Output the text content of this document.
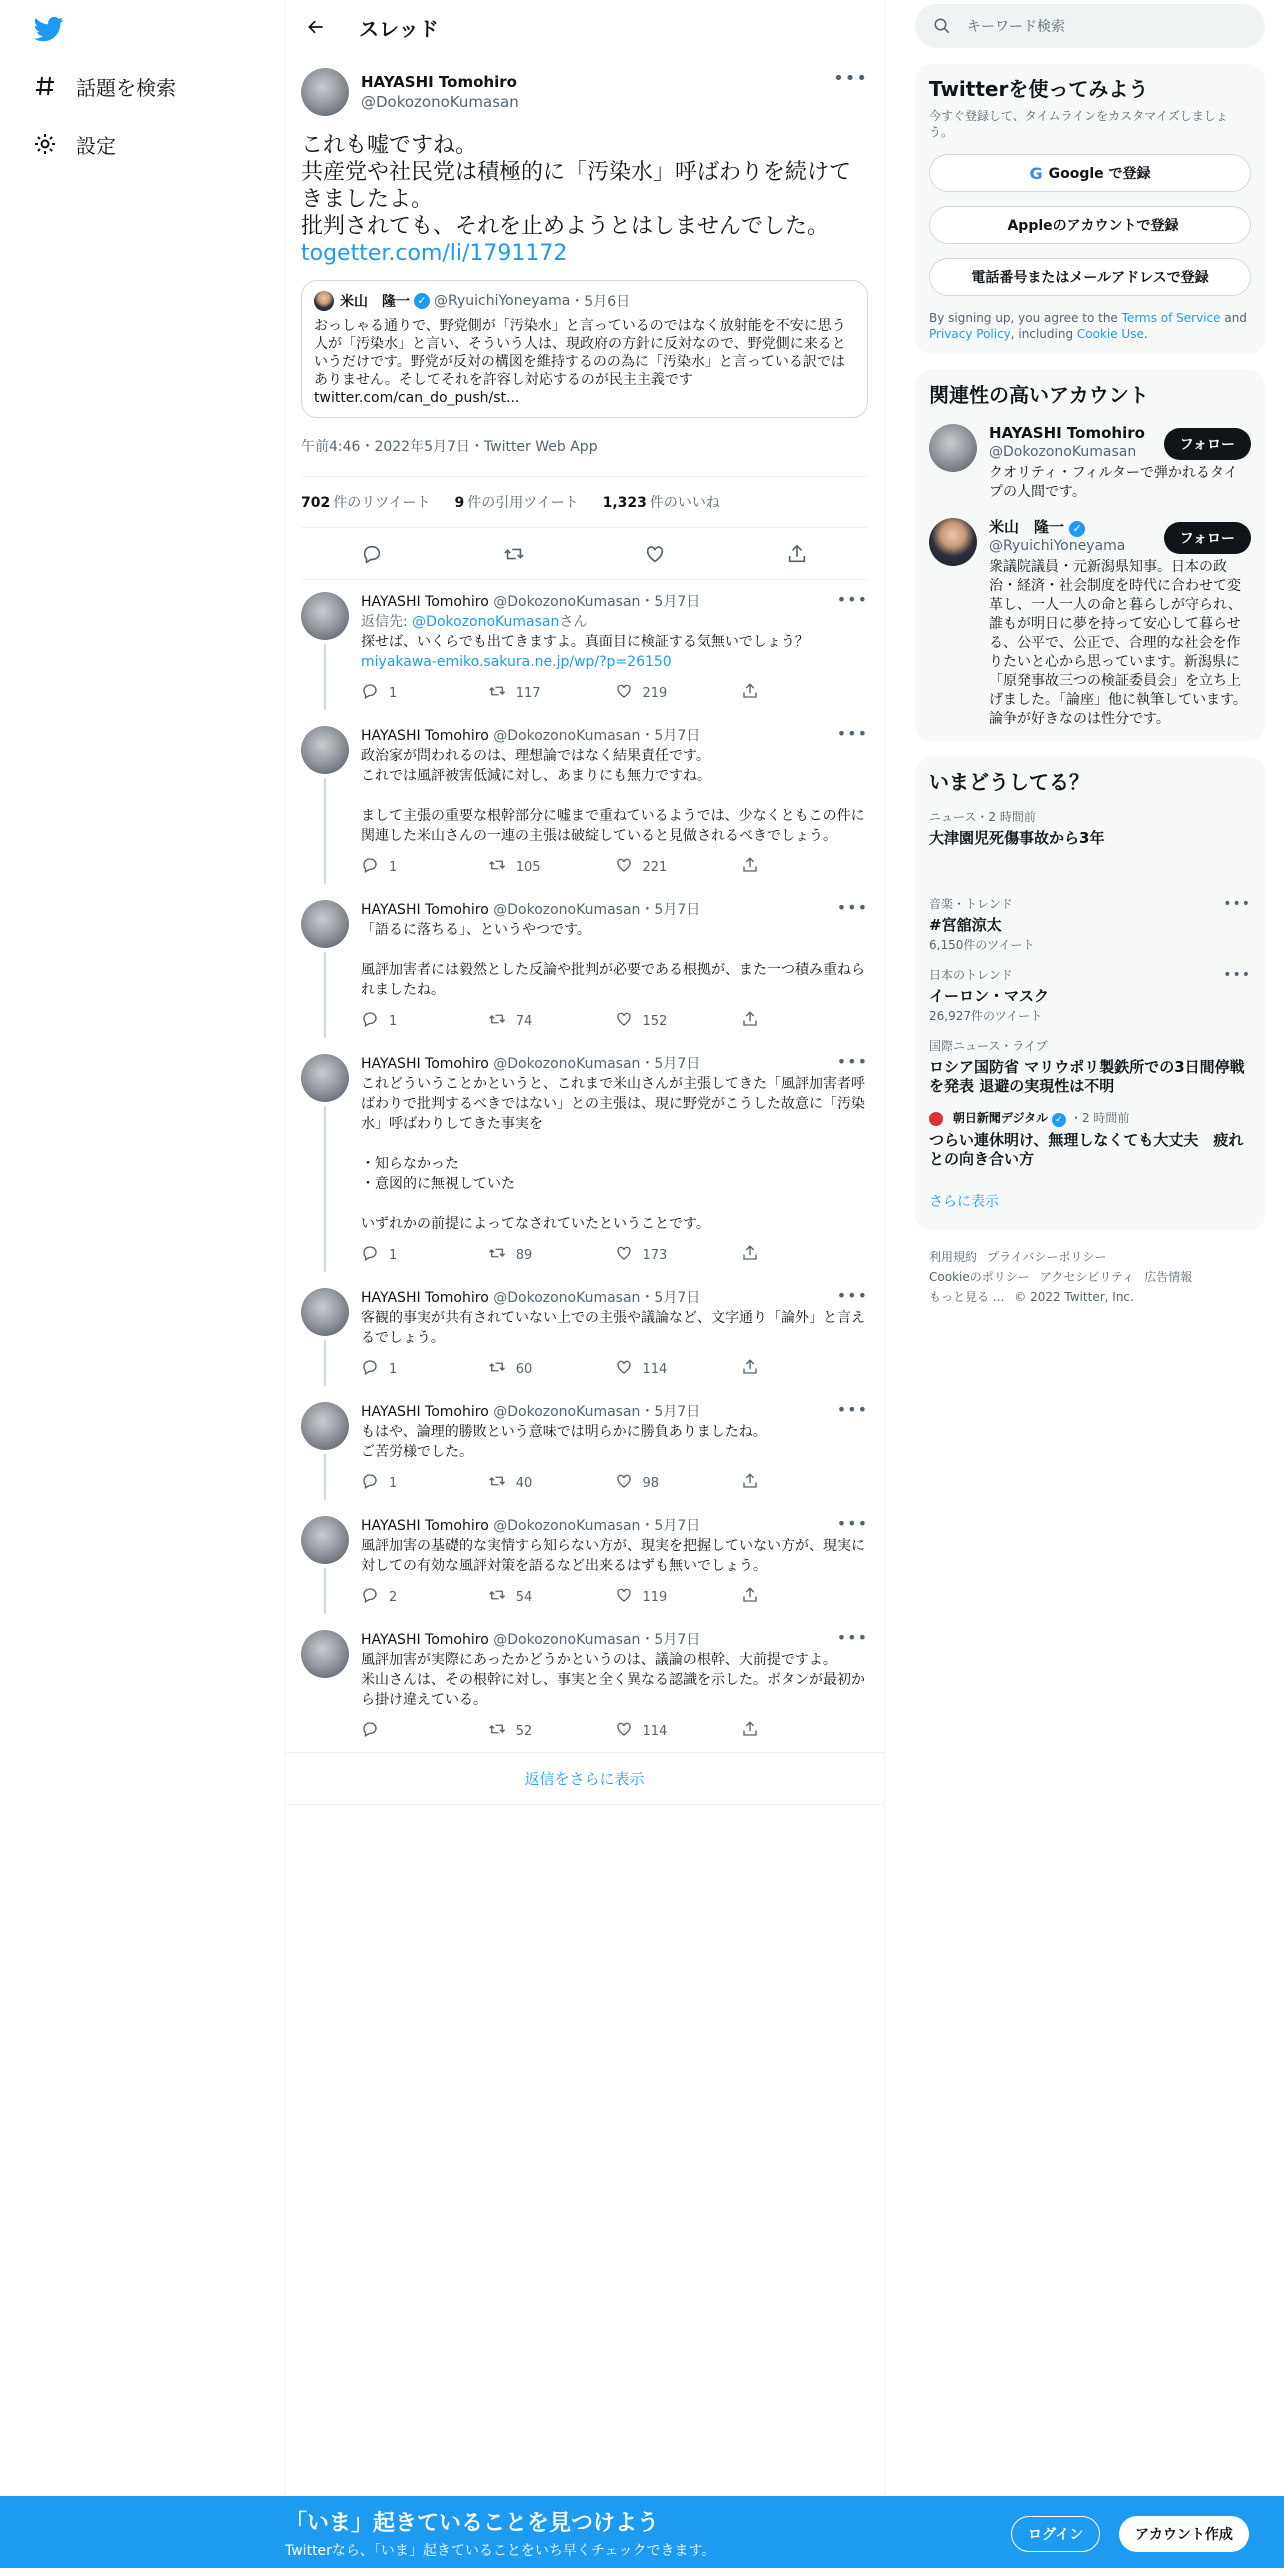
話題を検索
設定
スレッド
HAYASHI Tomohiro
@DokozonoKumasan
•••
これも嘘ですね。
共産党や社民党は積極的に「汚染水」呼ばわりを続けてきましたよ。
批判されても、それを止めようとはしませんでした。
togetter.com/li/1791172
米山　隆一 ✓ @RyuichiYoneyama ・5月6日
おっしゃる通りで、野党側が「汚染水」と言っているのではなく放射能を不安に思う人が「汚染水」と言い、そういう人は、現政府の方針に反対なので、野党側に来るというだけです。野党が反対の構図を維持するのの為に「汚染水」と言っている訳ではありません。そしてそれを許容し対応するのが民主主義です twitter.com/can_do_push/st...
午前4:46・2022年5月7日・Twitter Web App
702 件のリツイート 9 件の引用ツイート 1,323 件のいいね
HAYASHI Tomohiro @DokozonoKumasan・5月7日	•••
返信先: @DokozonoKumasanさん
探せば、いくらでも出てきますよ。真面目に検証する気無いでしょう？
miyakawa-emiko.sakura.ne.jp/wp/?p=26150
1	117	219
HAYASHI Tomohiro @DokozonoKumasan・5月7日	•••
政治家が問われるのは、理想論ではなく結果責任です。
これでは風評被害低減に対し、あまりにも無力ですね。

まして主張の重要な根幹部分に嘘まで重ねているようでは、少なくともこの件に関連した米山さんの一連の主張は破綻していると見做されるべきでしょう。
1	105	221
HAYASHI Tomohiro @DokozonoKumasan・5月7日	•••
「語るに落ちる」、というやつです。

風評加害者には毅然とした反論や批判が必要である根拠が、また一つ積み重ねられましたね。
1	74	152
HAYASHI Tomohiro @DokozonoKumasan・5月7日	•••
これどういうことかというと、これまで米山さんが主張してきた「風評加害者呼ばわりで批判するべきではない」との主張は、現に野党がこうした故意に「汚染水」呼ばわりしてきた事実を

・知らなかった
・意図的に無視していた

いずれかの前提によってなされていたということです。
1	89	173
HAYASHI Tomohiro @DokozonoKumasan・5月7日	•••
客観的事実が共有されていない上での主張や議論など、文字通り「論外」と言えるでしょう。
1	60	114
HAYASHI Tomohiro @DokozonoKumasan・5月7日	•••
もはや、論理的勝敗という意味では明らかに勝負ありましたね。
ご苦労様でした。
1	40	98
HAYASHI Tomohiro @DokozonoKumasan・5月7日	•••
風評加害の基礎的な実情すら知らない方が、現実を把握していない方が、現実に対しての有効な風評対策を語るなど出来るはずも無いでしょう。
2	54	119
HAYASHI Tomohiro @DokozonoKumasan・5月7日	•••
風評加害が実際にあったかどうかというのは、議論の根幹、大前提ですよ。
米山さんは、その根幹に対し、事実と全く異なる認識を示した。ボタンが最初から掛け違えている。
52	114
返信をさらに表示
キーワード検索
Twitterを使ってみよう
今すぐ登録して、タイムラインをカスタマイズしましょう。
G Google で登録
Appleのアカウントで登録
電話番号またはメールアドレスで登録
By signing up, you agree to the Terms of Service and Privacy Policy, including Cookie Use.
関連性の高いアカウント
HAYASHI Tomohiro
@DokozonoKumasan
クオリティ・フィルターで弾かれるタイプの人間です。
フォロー
米山　隆一 ✓
@RyuichiYoneyama
衆議院議員・元新潟県知事。日本の政治・経済・社会制度を時代に合わせて変革し、一人一人の命と暮らしが守られ、誰もが明日に夢を持って安心して暮らせる、公平で、公正で、合理的な社会を作りたいと心から思っています。新潟県に「原発事故三つの検証委員会」を立ち上げました。「論座」他に執筆しています。論争が好きなのは性分です。
フォロー
いまどうしてる？
ニュース・2 時間前
大津園児死傷事故から3年
音楽・トレンド
#宮舘涼太
6,150件のツイート
•••
日本のトレンド
イーロン・マスク
26,927件のツイート
•••
国際ニュース・ライブ
ロシア国防省 マリウポリ製鉄所での3日間停戦を発表 退避の実現性は不明
朝日新聞デジタル ✓ ・2 時間前
つらい連休明け、無理しなくても大丈夫　疲れとの向き合い方
さらに表示
利用規約 プライバシーポリシー
Cookieのポリシー アクセシビリティ 広告情報
もっと見る ... © 2022 Twitter, Inc.
「いま」起きていることを見つけよう
Twitterなら、「いま」起きていることをいち早くチェックできます。
ログイン	アカウント作成
